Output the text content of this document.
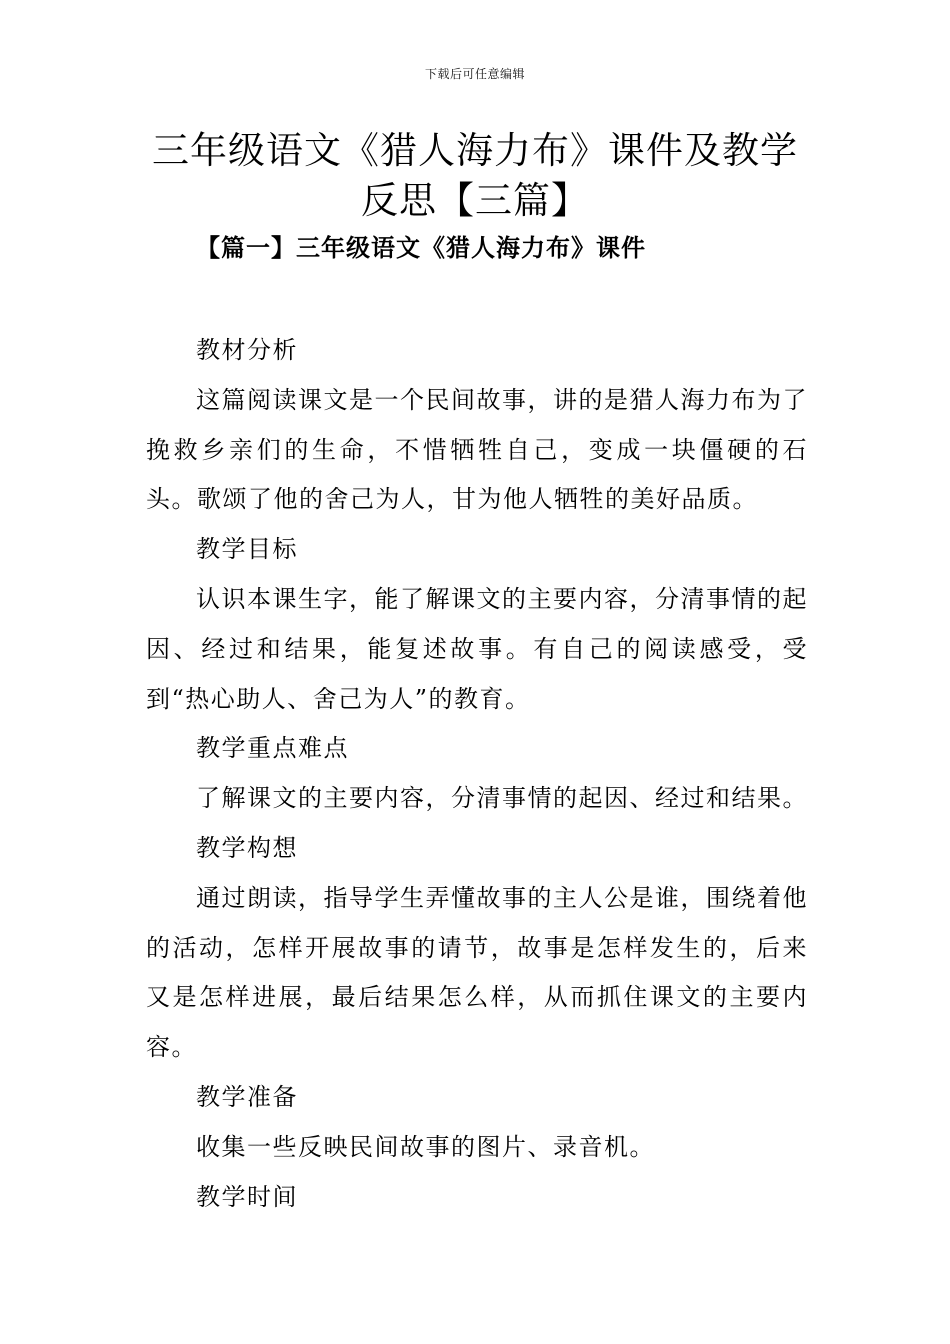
下载后可任意编辑
三年级语文《猎人海力布》课件及教学反思【三篇】
【篇一】三年级语文《猎人海力布》课件

教材分析

这篇阅读课文是一个民间故事，讲的是猎人海力布为了挽救乡亲们的生命，不惜牺牲自己，变成一块僵硬的石头。歌颂了他的舍己为人，甘为他人牺牲的美好品质。

教学目标

认识本课生字，能了解课文的主要内容，分清事情的起因、经过和结果，能复述故事。有自己的阅读感受，受到“热心助人、舍己为人”的教育。

教学重点难点

了解课文的主要内容，分清事情的起因、经过和结果。

教学构想

通过朗读，指导学生弄懂故事的主人公是谁，围绕着他的活动，怎样开展故事的请节，故事是怎样发生的，后来又是怎样进展，最后结果怎么样，从而抓住课文的主要内容。

教学准备

收集一些反映民间故事的图片、录音机。

教学时间
